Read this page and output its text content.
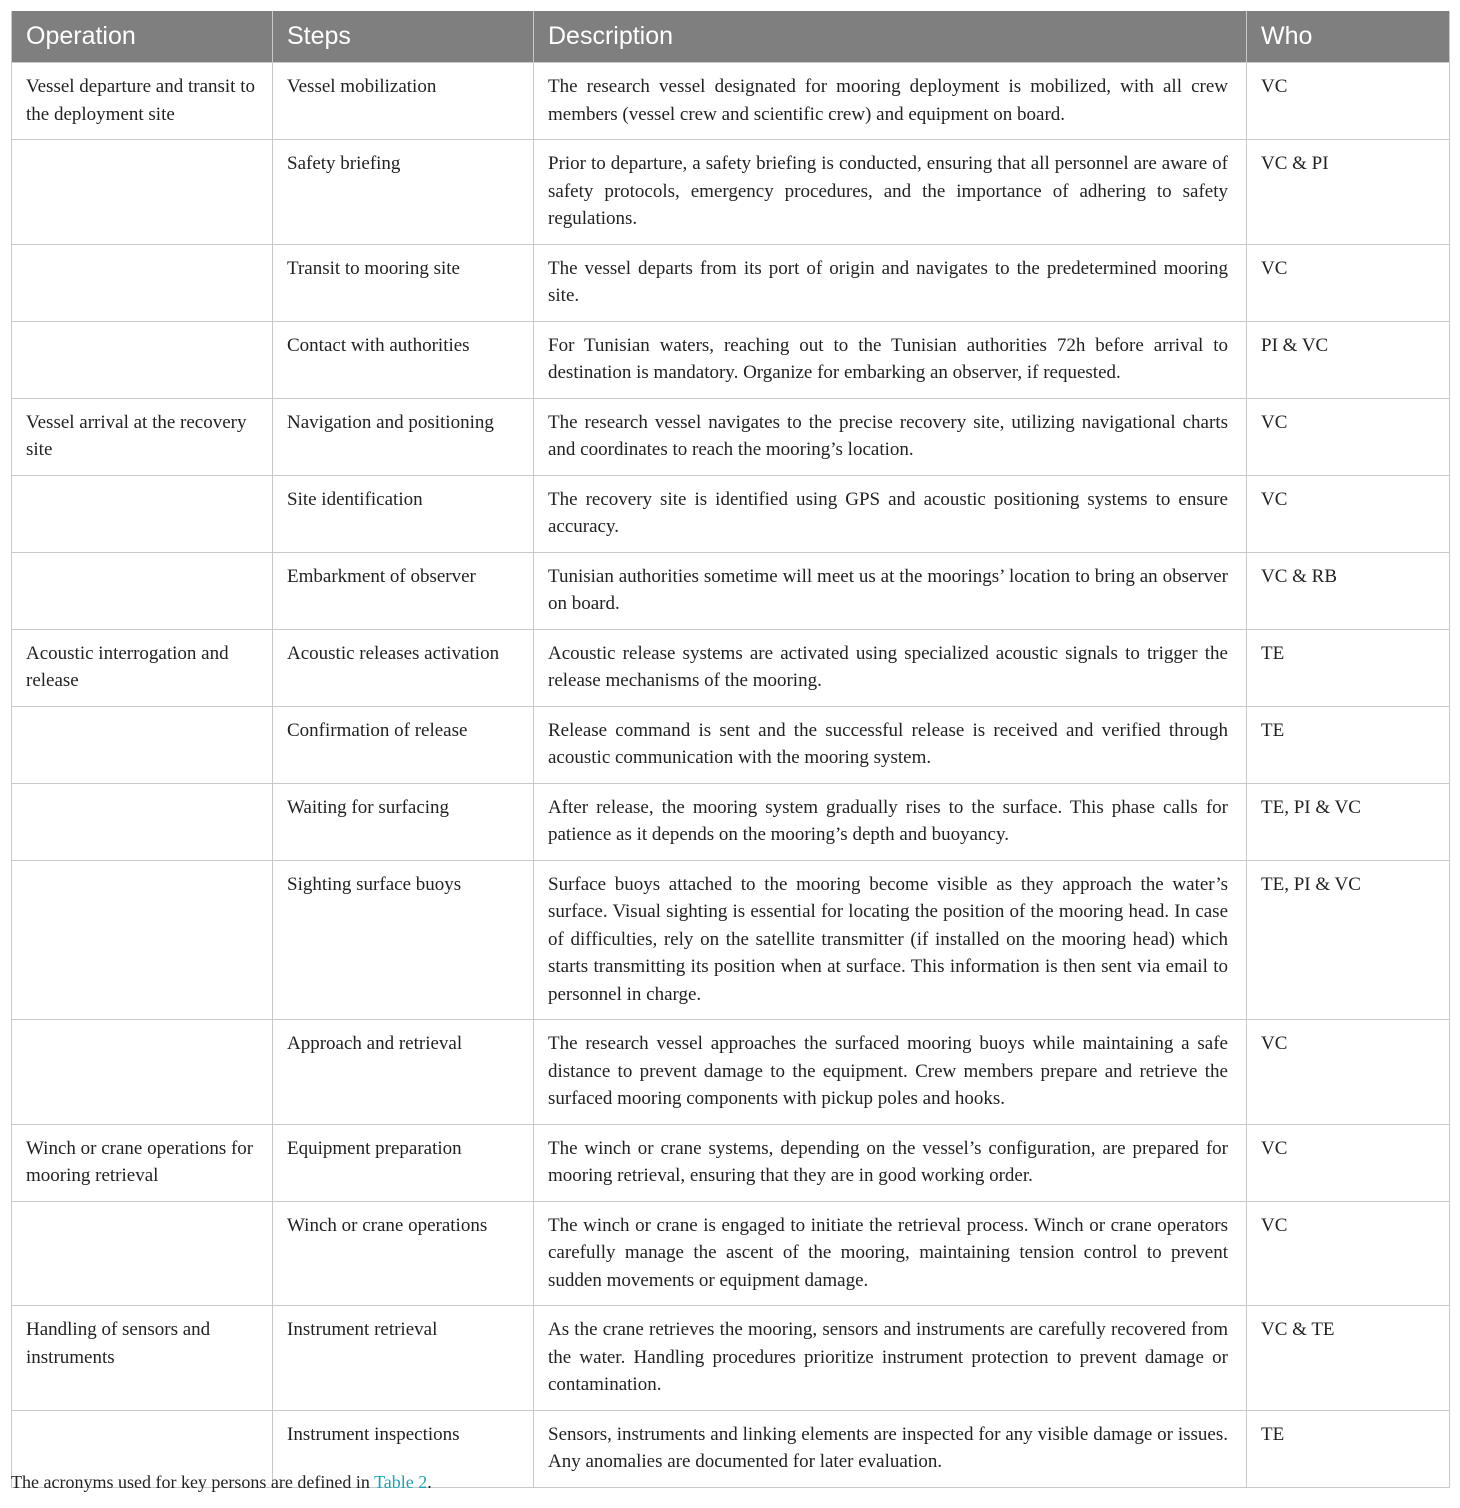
Operation	Steps	Description	Who
Vessel departure and transit to the deployment site	Vessel mobilization	The research vessel designated for mooring deployment is mobilized, with all crew members (vessel crew and scientific crew) and equipment on board.	VC
	Safety briefing	Prior to departure, a safety briefing is conducted, ensuring that all personnel are aware of safety protocols, emergency procedures, and the importance of adhering to safety regulations.	VC & PI
	Transit to mooring site	The vessel departs from its port of origin and navigates to the predetermined mooring site.	VC
	Contact with authorities	For Tunisian waters, reaching out to the Tunisian authorities 72h before arrival to destination is mandatory. Organize for embarking an observer, if requested.	PI & VC
Vessel arrival at the recovery site	Navigation and positioning	The research vessel navigates to the precise recovery site, utilizing navigational charts and coordinates to reach the mooring’s location.	VC
	Site identification	The recovery site is identified using GPS and acoustic positioning systems to ensure accuracy.	VC
	Embarkment of observer	Tunisian authorities sometime will meet us at the moorings’ location to bring an observer on board.	VC & RB
Acoustic interrogation and release	Acoustic releases activation	Acoustic release systems are activated using specialized acoustic signals to trigger the release mechanisms of the mooring.	TE
	Confirmation of release	Release command is sent and the successful release is received and verified through acoustic communication with the mooring system.	TE
	Waiting for surfacing	After release, the mooring system gradually rises to the surface. This phase calls for patience as it depends on the mooring’s depth and buoyancy.	TE, PI & VC
	Sighting surface buoys	Surface buoys attached to the mooring become visible as they approach the water’s surface. Visual sighting is essential for locating the position of the mooring head. In case of difficulties, rely on the satellite transmitter (if installed on the mooring head) which starts transmitting its position when at surface. This information is then sent via email to personnel in charge.	TE, PI & VC
	Approach and retrieval	The research vessel approaches the surfaced mooring buoys while maintaining a safe distance to prevent damage to the equipment. Crew members prepare and retrieve the surfaced mooring components with pickup poles and hooks.	VC
Winch or crane operations for mooring retrieval	Equipment preparation	The winch or crane systems, depending on the vessel’s configuration, are prepared for mooring retrieval, ensuring that they are in good working order.	VC
	Winch or crane operations	The winch or crane is engaged to initiate the retrieval process. Winch or crane operators carefully manage the ascent of the mooring, maintaining tension control to prevent sudden movements or equipment damage.	VC
Handling of sensors and instruments	Instrument retrieval	As the crane retrieves the mooring, sensors and instruments are carefully recovered from the water. Handling procedures prioritize instrument protection to prevent damage or contamination.	VC & TE
	Instrument inspections	Sensors, instruments and linking elements are inspected for any visible damage or issues. Any anomalies are documented for later evaluation.	TE
The acronyms used for key persons are defined in Table 2.
